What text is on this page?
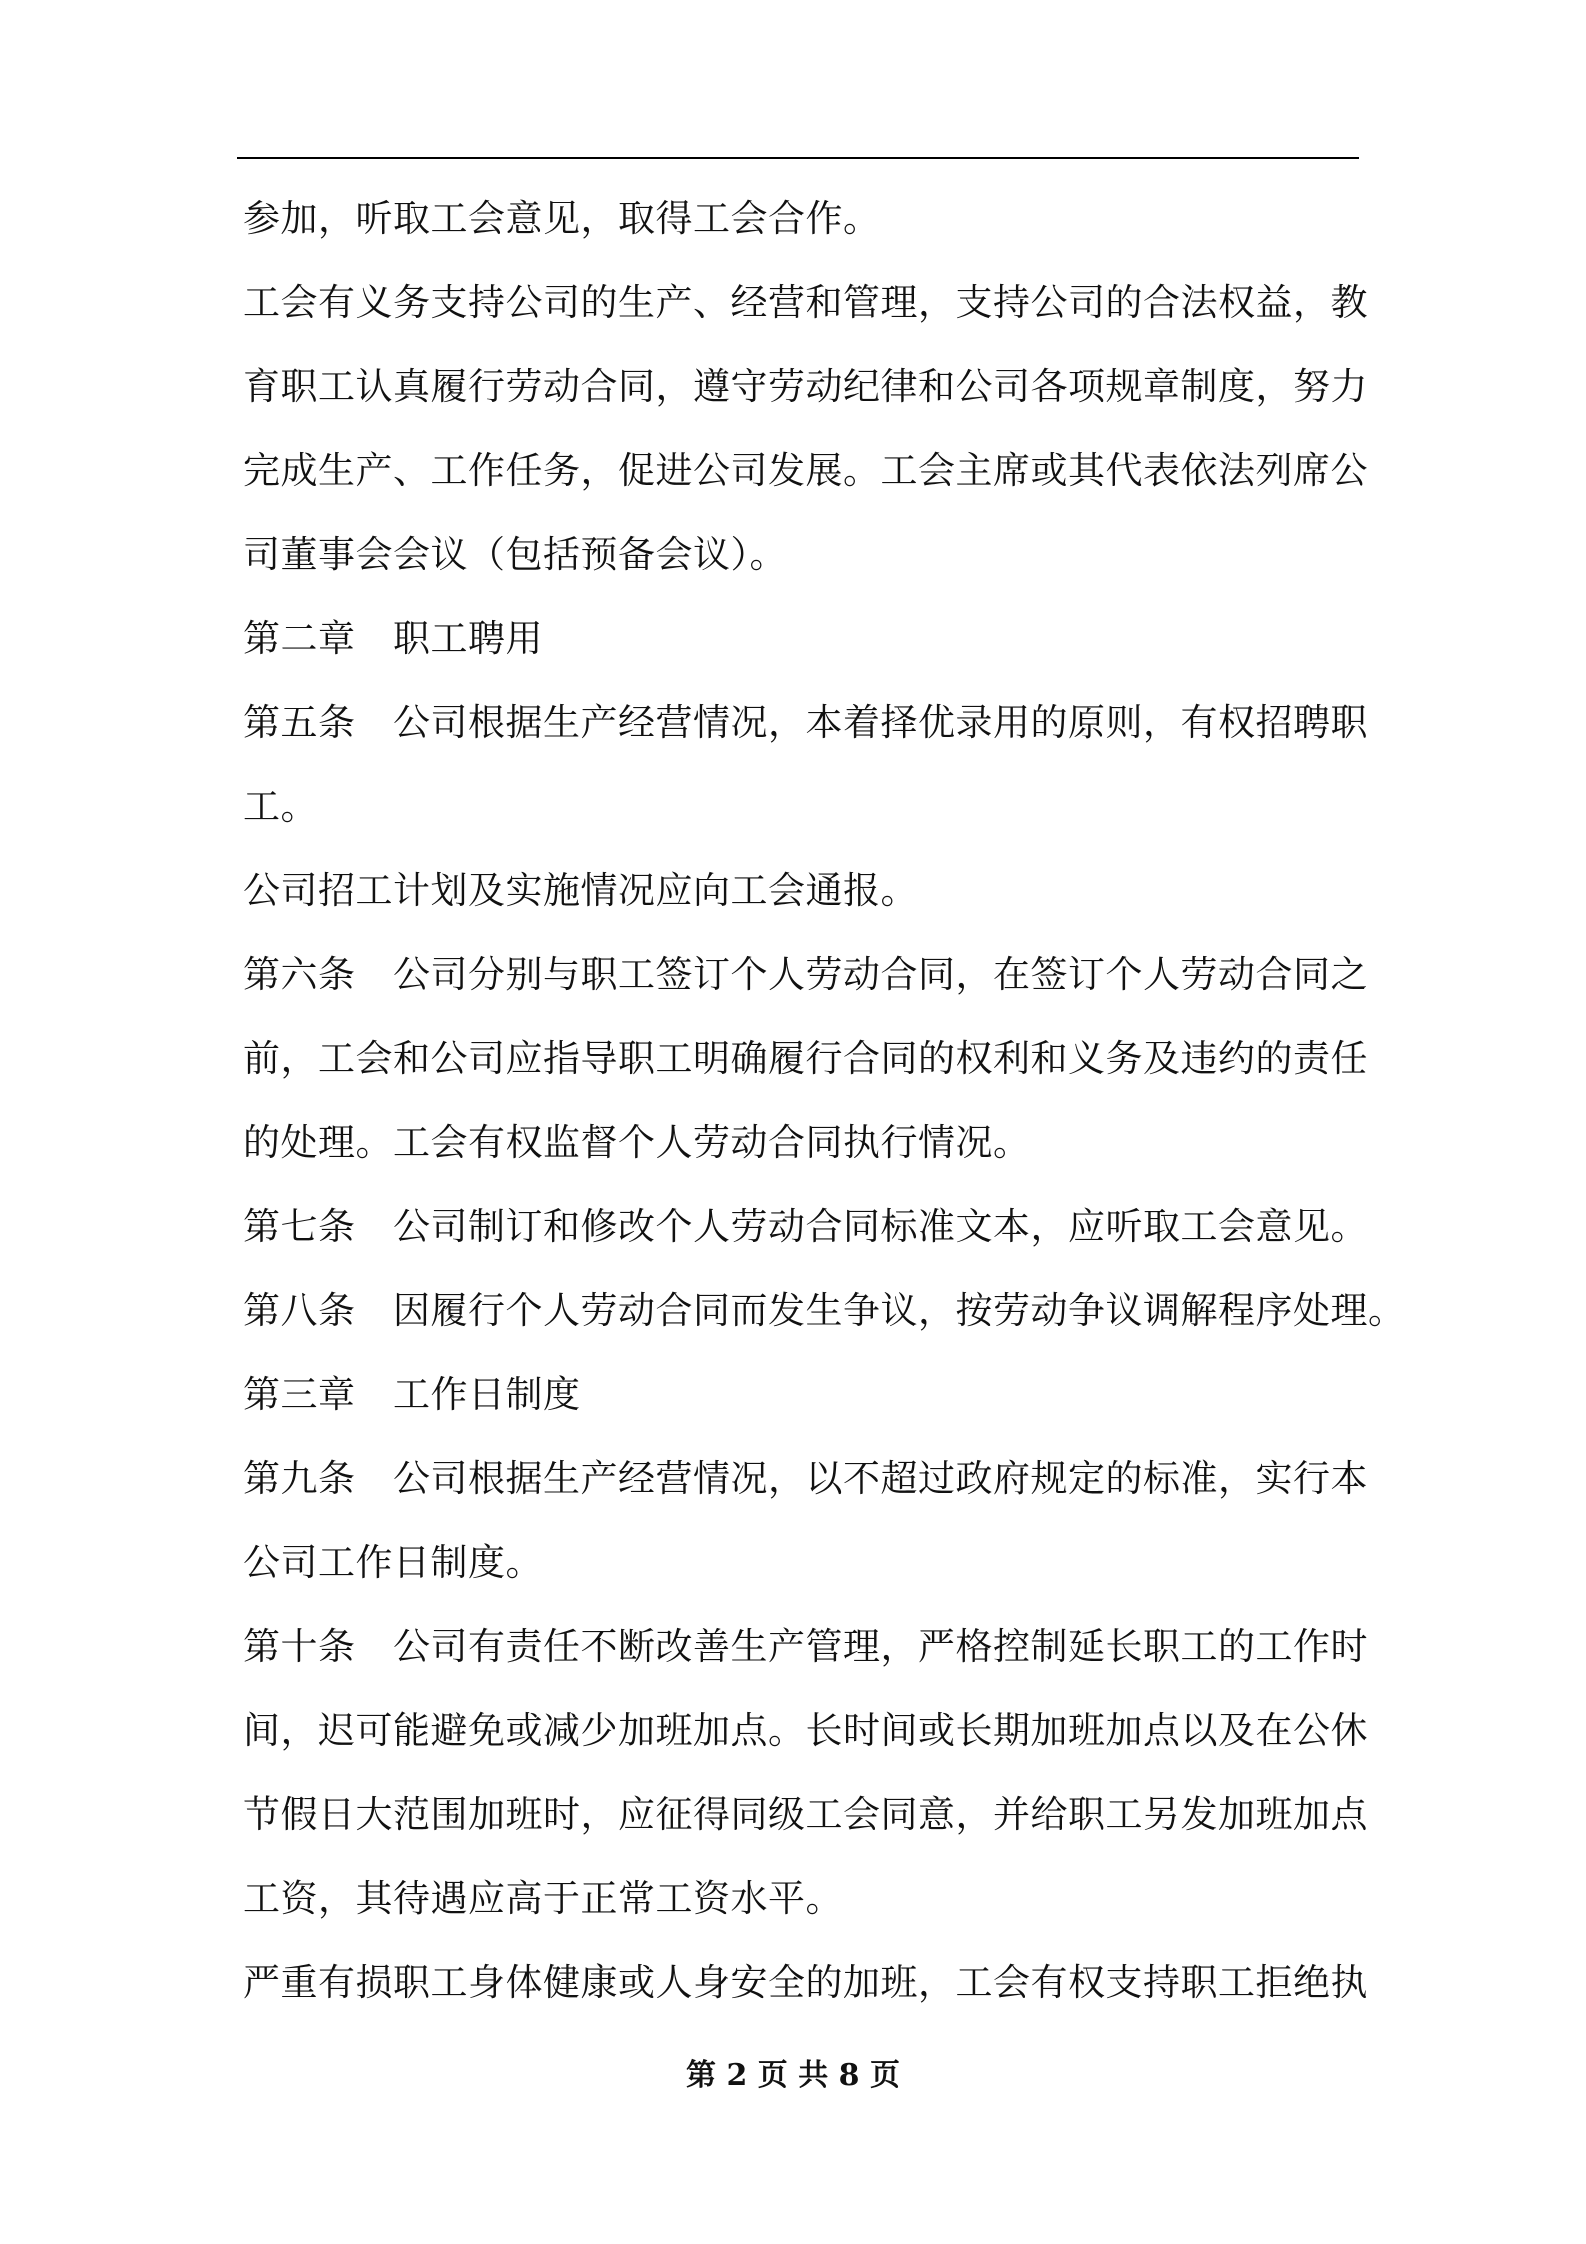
参加，听取工会意见，取得工会合作。
工会有义务支持公司的生产、经营和管理，支持公司的合法权益，教
育职工认真履行劳动合同，遵守劳动纪律和公司各项规章制度，努力
完成生产、工作任务，促进公司发展。工会主席或其代表依法列席公
司董事会会议（包括预备会议）。
第二章　职工聘用
第五条　公司根据生产经营情况，本着择优录用的原则，有权招聘职
工。
公司招工计划及实施情况应向工会通报。
第六条　公司分别与职工签订个人劳动合同，在签订个人劳动合同之
前，工会和公司应指导职工明确履行合同的权利和义务及违约的责任
的处理。工会有权监督个人劳动合同执行情况。
第七条　公司制订和修改个人劳动合同标准文本，应听取工会意见。
第八条　因履行个人劳动合同而发生争议，按劳动争议调解程序处理。
第三章　工作日制度
第九条　公司根据生产经营情况，以不超过政府规定的标准，实行本
公司工作日制度。
第十条　公司有责任不断改善生产管理，严格控制延长职工的工作时
间，迟可能避免或减少加班加点。长时间或长期加班加点以及在公休
节假日大范围加班时，应征得同级工会同意，并给职工另发加班加点
工资，其待遇应高于正常工资水平。
严重有损职工身体健康或人身安全的加班，工会有权支持职工拒绝执
第 2 页 共 8 页
